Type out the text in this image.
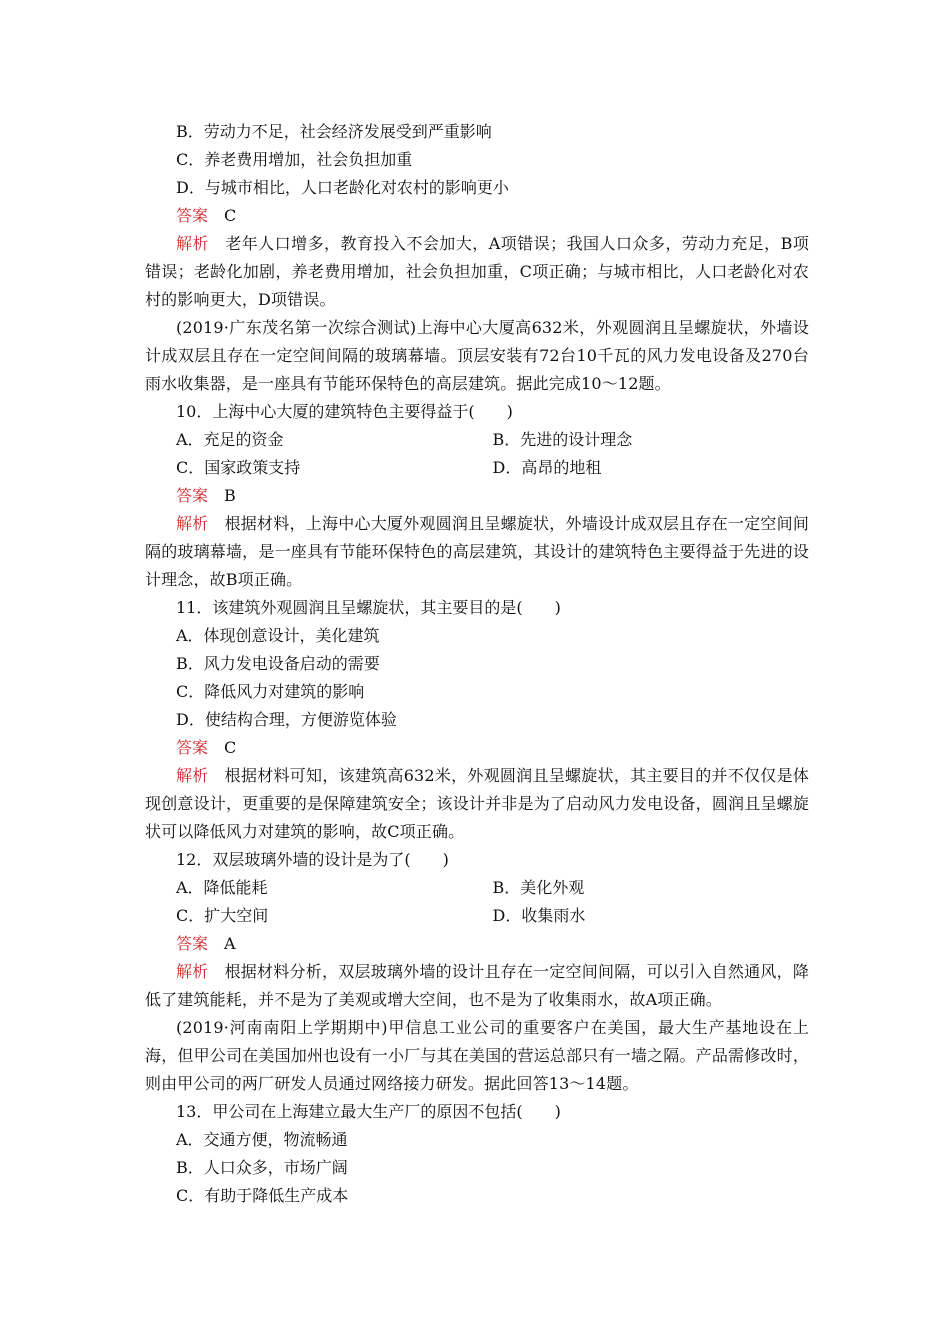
B．劳动力不足，社会经济发展受到严重影响
C．养老费用增加，社会负担加重
D．与城市相比，人口老龄化对农村的影响更小
答案 C
解析 老年人口增多，教育投入不会加大，A项错误；我国人口众多，劳动力充足，B项错误；老龄化加剧，养老费用增加，社会负担加重，C项正确；与城市相比，人口老龄化对农村的影响更大，D项错误。
(2019·广东茂名第一次综合测试)上海中心大厦高632米，外观圆润且呈螺旋状，外墙设计成双层且存在一定空间间隔的玻璃幕墙。顶层安装有72台10千瓦的风力发电设备及270台雨水收集器，是一座具有节能环保特色的高层建筑。据此完成10～12题。
10．上海中心大厦的建筑特色主要得益于(　　)
A．充足的资金	B．先进的设计理念
C．国家政策支持	D．高昂的地租
答案 B
解析 根据材料，上海中心大厦外观圆润且呈螺旋状，外墙设计成双层且存在一定空间间隔的玻璃幕墙，是一座具有节能环保特色的高层建筑，其设计的建筑特色主要得益于先进的设计理念，故B项正确。
11．该建筑外观圆润且呈螺旋状，其主要目的是(　　)
A．体现创意设计，美化建筑
B．风力发电设备启动的需要
C．降低风力对建筑的影响
D．使结构合理，方便游览体验
答案 C
解析 根据材料可知，该建筑高632米，外观圆润且呈螺旋状，其主要目的并不仅仅是体现创意设计，更重要的是保障建筑安全；该设计并非是为了启动风力发电设备，圆润且呈螺旋状可以降低风力对建筑的影响，故C项正确。
12．双层玻璃外墙的设计是为了(　　)
A．降低能耗	B．美化外观
C．扩大空间	D．收集雨水
答案 A
解析 根据材料分析，双层玻璃外墙的设计且存在一定空间间隔，可以引入自然通风，降低了建筑能耗，并不是为了美观或增大空间，也不是为了收集雨水，故A项正确。
(2019·河南南阳上学期期中)甲信息工业公司的重要客户在美国，最大生产基地设在上海，但甲公司在美国加州也设有一小厂与其在美国的营运总部只有一墙之隔。产品需修改时，则由甲公司的两厂研发人员通过网络接力研发。据此回答13～14题。
13．甲公司在上海建立最大生产厂的原因不包括(　　)
A．交通方便，物流畅通
B．人口众多，市场广阔
C．有助于降低生产成本
